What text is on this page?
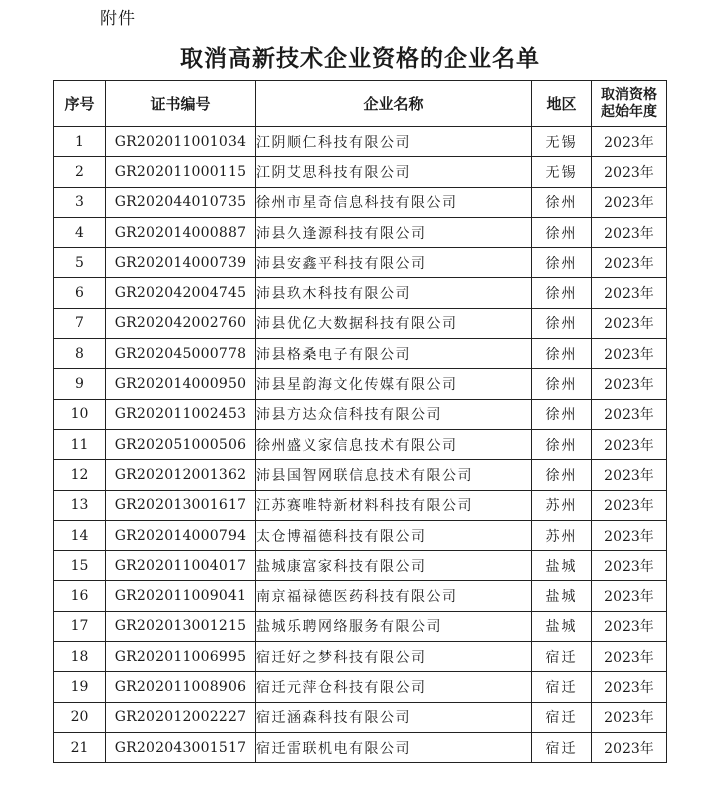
附件
取消高新技术企业资格的企业名单
序号	证书编号	企业名称	地区	取消资格起始年度
1	GR202011001034	江阴顺仁科技有限公司	无锡	2023年
2	GR202011000115	江阴艾思科技有限公司	无锡	2023年
3	GR202044010735	徐州市星奇信息科技有限公司	徐州	2023年
4	GR202014000887	沛县久逢源科技有限公司	徐州	2023年
5	GR202014000739	沛县安鑫平科技有限公司	徐州	2023年
6	GR202042004745	沛县玖木科技有限公司	徐州	2023年
7	GR202042002760	沛县优亿大数据科技有限公司	徐州	2023年
8	GR202045000778	沛县格桑电子有限公司	徐州	2023年
9	GR202014000950	沛县星韵海文化传媒有限公司	徐州	2023年
10	GR202011002453	沛县方达众信科技有限公司	徐州	2023年
11	GR202051000506	徐州盛义家信息技术有限公司	徐州	2023年
12	GR202012001362	沛县国智网联信息技术有限公司	徐州	2023年
13	GR202013001617	江苏赛唯特新材料科技有限公司	苏州	2023年
14	GR202014000794	太仓博福德科技有限公司	苏州	2023年
15	GR202011004017	盐城康富家科技有限公司	盐城	2023年
16	GR202011009041	南京福禄德医药科技有限公司	盐城	2023年
17	GR202013001215	盐城乐聘网络服务有限公司	盐城	2023年
18	GR202011006995	宿迁好之梦科技有限公司	宿迁	2023年
19	GR202011008906	宿迁元萍仓科技有限公司	宿迁	2023年
20	GR202012002227	宿迁涵森科技有限公司	宿迁	2023年
21	GR202043001517	宿迁雷联机电有限公司	宿迁	2023年
